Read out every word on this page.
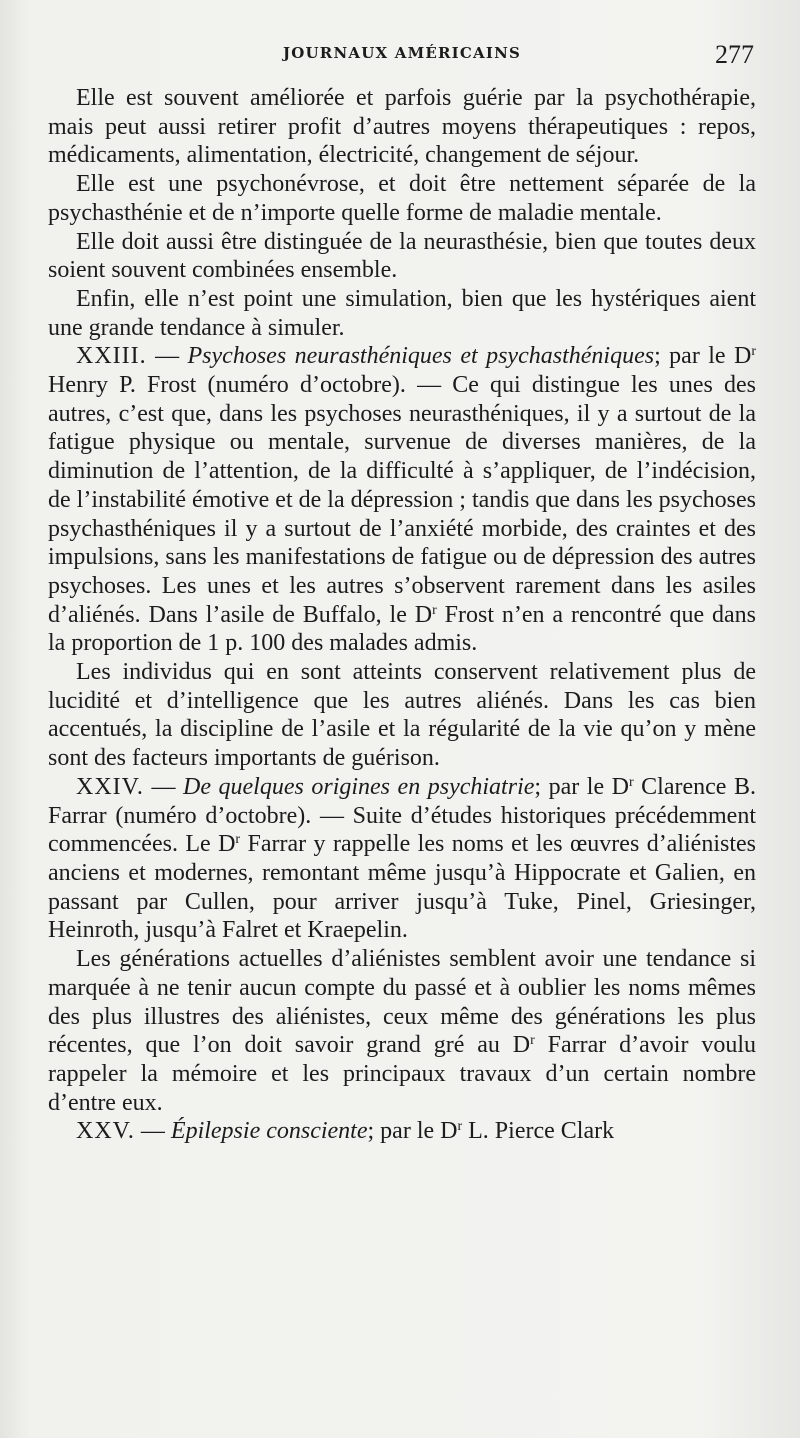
JOURNAUX AMÉRICAINS	277

Elle est souvent améliorée et parfois guérie par la psychothérapie, mais peut aussi retirer profit d’autres moyens thérapeutiques : repos, médicaments, alimentation, électricité, changement de séjour.

Elle est une psychonévrose, et doit être nettement séparée de la psychasthénie et de n’importe quelle forme de maladie mentale.

Elle doit aussi être distinguée de la neurasthésie, bien que toutes deux soient souvent combinées ensemble.

Enfin, elle n’est point une simulation, bien que les hystériques aient une grande tendance à simuler.

XXIII. — Psychoses neurasthéniques et psychasthéniques; par le $D^r$ Henry P. Frost (numéro d’octobre). — Ce qui distingue les unes des autres, c’est que, dans les psychoses neurasthéniques, il y a surtout de la fatigue physique ou mentale, survenue de diverses manières, de la diminution de l’attention, de la difficulté à s’appliquer, de l’indécision, de l’instabilité émotive et de la dépression ; tandis que dans les psychoses psychasthéniques il y a surtout de l’anxiété morbide, des craintes et des impulsions, sans les manifestations de fatigue ou de dépression des autres psychoses. Les unes et les autres s’observent rarement dans les asiles d’aliénés. Dans l’asile de Buffalo, le $D^r$ Frost n’en a rencontré que dans la proportion de 1 p. 100 des malades admis.

Les individus qui en sont atteints conservent relativement plus de lucidité et d’intelligence que les autres aliénés. Dans les cas bien accentués, la discipline de l’asile et la régularité de la vie qu’on y mène sont des facteurs importants de guérison.

XXIV. — De quelques origines en psychiatrie; par le $D^r$ Clarence B. Farrar (numéro d’octobre). — Suite d’études historiques précédemment commencées. Le $D^r$ Farrar y rappelle les noms et les œuvres d’aliénistes anciens et modernes, remontant même jusqu’à Hippocrate et Galien, en passant par Cullen, pour arriver jusqu’à Tuke, Pinel, Griesinger, Heinroth, jusqu’à Falret et Kraepelin.

Les générations actuelles d’aliénistes semblent avoir une tendance si marquée à ne tenir aucun compte du passé et à oublier les noms mêmes des plus illustres des aliénistes, ceux même des générations les plus récentes, que l’on doit savoir grand gré au $D^r$ Farrar d’avoir voulu rappeler la mémoire et les principaux travaux d’un certain nombre d’entre eux.

XXV. — Épilepsie consciente; par le $D^r$ L. Pierce Clark
